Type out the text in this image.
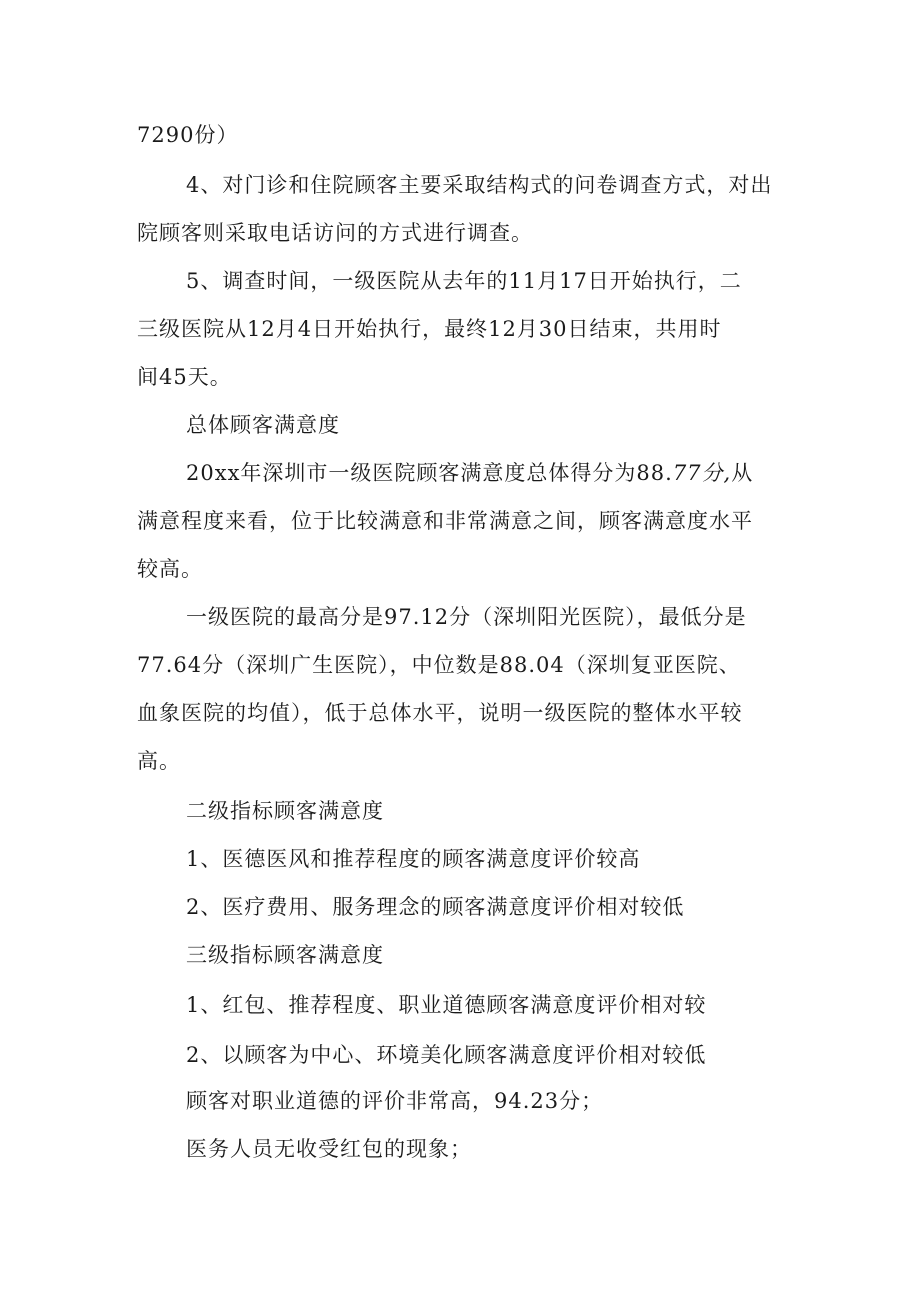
7290份）
4、对门诊和住院顾客主要采取结构式的问卷调查方式，对出
院顾客则采取电话访问的方式进行调查。
5、调查时间，一级医院从去年的11月17日开始执行，二
三级医院从12月4日开始执行，最终12月30日结束，共用时
间45天。
总体顾客满意度
20xx年深圳市一级医院顾客满意度总体得分为88.77分,从
满意程度来看，位于比较满意和非常满意之间，顾客满意度水平
较高。
一级医院的最高分是97.12分（深圳阳光医院），最低分是
77.64分（深圳广生医院），中位数是88.04（深圳复亚医院、
血象医院的均值），低于总体水平，说明一级医院的整体水平较
高。
二级指标顾客满意度
1、医德医风和推荐程度的顾客满意度评价较高
2、医疗费用、服务理念的顾客满意度评价相对较低
三级指标顾客满意度
1、红包、推荐程度、职业道德顾客满意度评价相对较
2、以顾客为中心、环境美化顾客满意度评价相对较低
顾客对职业道德的评价非常高，94.23分；
医务人员无收受红包的现象；
